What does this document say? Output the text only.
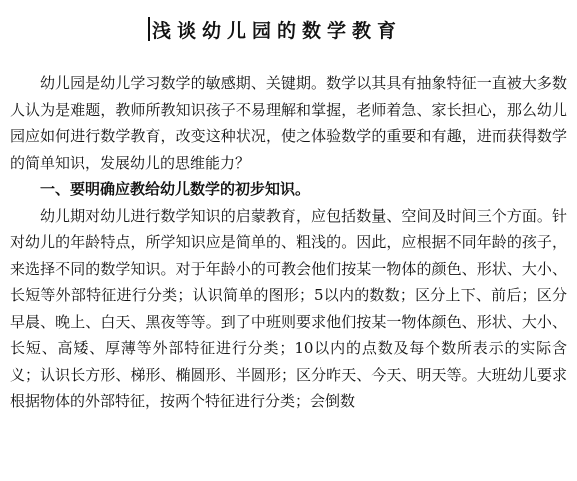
浅谈幼儿园的数学教育

幼儿园是幼儿学习数学的敏感期、关键期。数学以其具有抽象特征一直被大多数人认为是难题，教师所教知识孩子不易理解和掌握，老师着急、家长担心，那么幼儿园应如何进行数学教育，改变这种状况，使之体验数学的重要和有趣，进而获得数学的简单知识，发展幼儿的思维能力？

一、要明确应教给幼儿数学的初步知识。

幼儿期对幼儿进行数学知识的启蒙教育，应包括数量、空间及时间三个方面。针对幼儿的年龄特点，所学知识应是简单的、粗浅的。因此，应根据不同年龄的孩子，来选择不同的数学知识。对于年龄小的可教会他们按某一物体的颜色、形状、大小、长短等外部特征进行分类；认识简单的图形；5以内的数数；区分上下、前后；区分早晨、晚上、白天、黑夜等等。到了中班则要求他们按某一物体颜色、形状、大小、长短、高矮、厚薄等外部特征进行分类；10以内的点数及每个数所表示的实际含义；认识长方形、梯形、椭圆形、半圆形；区分昨天、今天、明天等。大班幼儿要求根据物体的外部特征，按两个特征进行分类；会倒数
